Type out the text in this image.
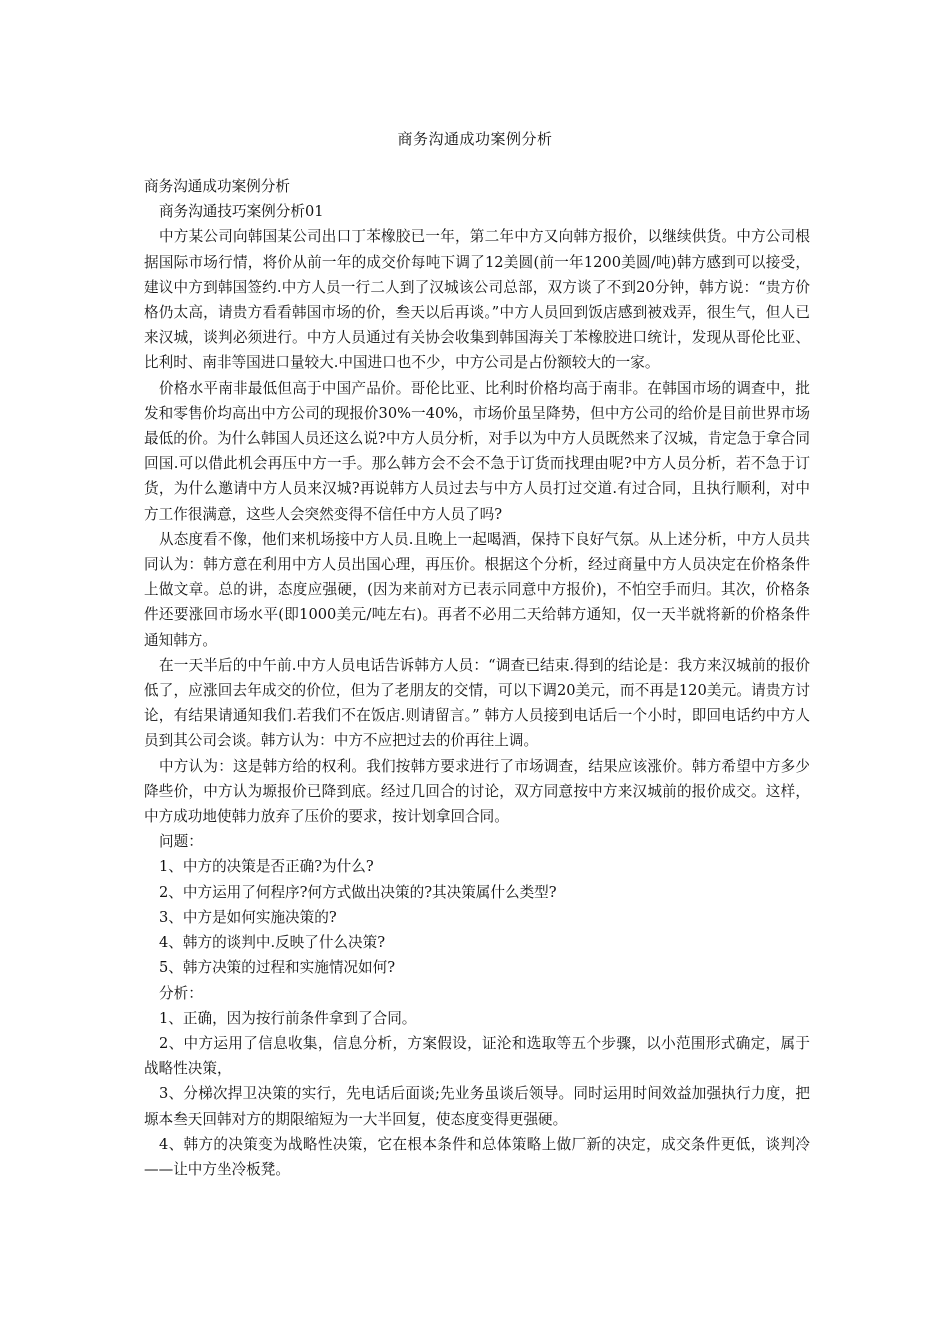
商务沟通成功案例分析

商务沟通成功案例分析

商务沟通技巧案例分析01

中方某公司向韩国某公司出口丁苯橡胶已一年，第二年中方又向韩方报价，以继续供货。中方公司根据国际市场行情，将价从前一年的成交价每吨下调了12美圆(前一年1200美圆/吨)韩方感到可以接受，建议中方到韩国签约.中方人员一行二人到了汉城该公司总部，双方谈了不到20分钟，韩方说：“贵方价格仍太高，请贵方看看韩国市场的价，叁天以后再谈。”中方人员回到饭店感到被戏弄，很生气，但人已来汉城，谈判必须进行。中方人员通过有关协会收集到韩国海关丁苯橡胶进口统计，发现从哥伦比亚、比利时、南非等国进口量较大.中国进口也不少，中方公司是占份额较大的一家。

价格水平南非最低但高于中国产品价。哥伦比亚、比利时价格均高于南非。在韩国市场的调查中，批发和零售价均高出中方公司的现报价30%一40%，市场价虽呈降势，但中方公司的给价是目前世界市场最低的价。为什么韩国人员还这么说?中方人员分析，对手以为中方人员既然来了汉城，肯定急于拿合同回国.可以借此机会再压中方一手。那么韩方会不会不急于订货而找理由呢?中方人员分析，若不急于订货，为什么邀请中方人员来汉城?再说韩方人员过去与中方人员打过交道.有过合同，且执行顺利，对中方工作很满意，这些人会突然变得不信任中方人员了吗?

从态度看不像，他们来机场接中方人员.且晚上一起喝酒，保持下良好气氛。从上述分析，中方人员共同认为：韩方意在利用中方人员出国心理，再压价。根据这个分析，经过商量中方人员决定在价格条件上做文章。总的讲，态度应强硬，(因为来前对方已表示同意中方报价)，不怕空手而归。其次，价格条件还要涨回市场水平(即1000美元/吨左右)。再者不必用二天给韩方通知，仅一天半就将新的价格条件通知韩方。

在一天半后的中午前.中方人员电话告诉韩方人员：“调查已结束.得到的结论是：我方来汉城前的报价低了，应涨回去年成交的价位，但为了老朋友的交情，可以下调20美元，而不再是120美元。请贵方讨论，有结果请通知我们.若我们不在饭店.则请留言。” 韩方人员接到电话后一个小时，即回电话约中方人员到其公司会谈。韩方认为：中方不应把过去的价再往上调。

中方认为：这是韩方给的权利。我们按韩方要求进行了市场调查，结果应该涨价。韩方希望中方多少降些价，中方认为塬报价已降到底。经过几回合的讨论，双方同意按中方来汉城前的报价成交。这样，中方成功地使韩力放弃了压价的要求，按计划拿回合同。

问题：

1、中方的决策是否正确?为什么?

2、中方运用了何程序?何方式做出决策的?其决策属什么类型?

3、中方是如何实施决策的?

4、韩方的谈判中.反映了什么决策?

5、韩方决策的过程和实施情况如何?

分析：

1、正确，因为按行前条件拿到了合同。

2、中方运用了信息收集，信息分析，方案假设，证沦和选取等五个步骤，以小范围形式确定，属于战略性决策，

3、分梯次捍卫决策的实行，先电话后面谈;先业务虽谈后领导。同时运用时间效益加强执行力度，把塬本叁天回韩对方的期限缩短为一大半回复，使态度变得更强硬。

4、韩方的决策变为战略性决策，它在根本条件和总体策略上做厂新的决定，成交条件更低，谈判冷——让中方坐冷板凳。
